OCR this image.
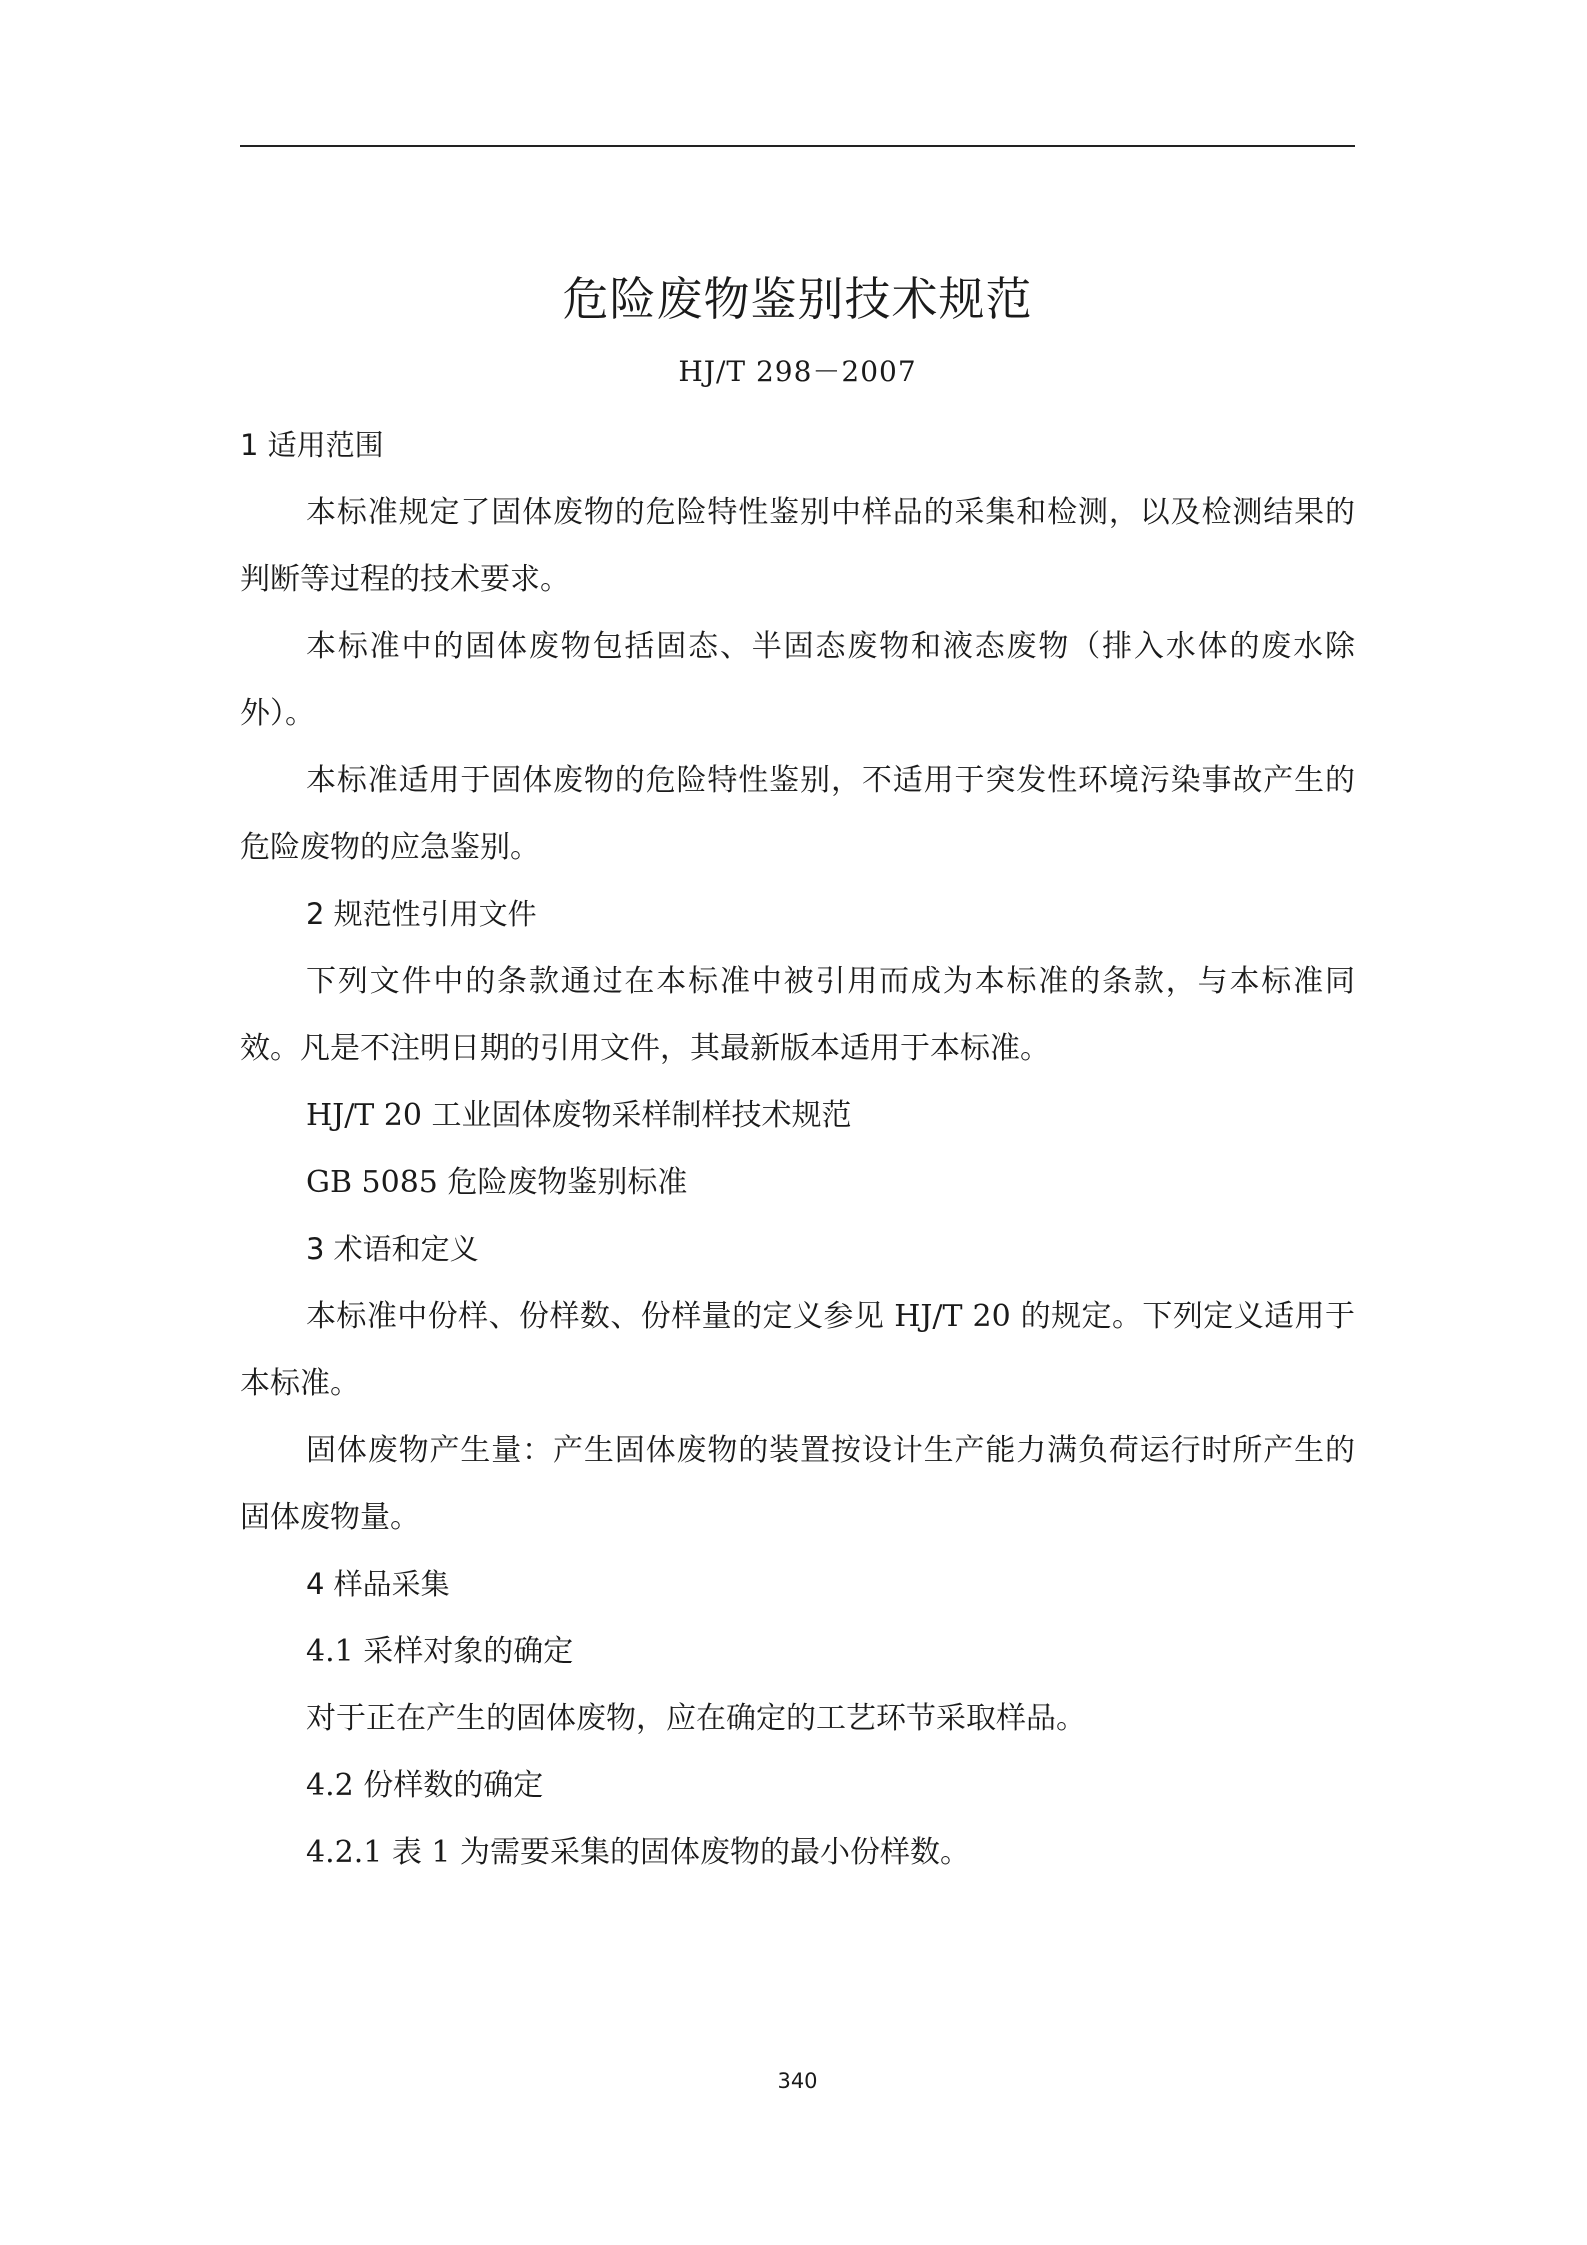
危险废物鉴别技术规范
HJ/T 298－2007

1 适用范围

本标准规定了固体废物的危险特性鉴别中样品的采集和检测，以及检测结果的判断等过程的技术要求。

本标准中的固体废物包括固态、半固态废物和液态废物（排入水体的废水除外）。

本标准适用于固体废物的危险特性鉴别，不适用于突发性环境污染事故产生的危险废物的应急鉴别。

2 规范性引用文件

下列文件中的条款通过在本标准中被引用而成为本标准的条款，与本标准同效。凡是不注明日期的引用文件，其最新版本适用于本标准。

HJ/T 20 工业固体废物采样制样技术规范

GB 5085 危险废物鉴别标准

3 术语和定义

本标准中份样、份样数、份样量的定义参见 HJ/T 20 的规定。下列定义适用于本标准。

固体废物产生量：产生固体废物的装置按设计生产能力满负荷运行时所产生的固体废物量。

4 样品采集

4.1 采样对象的确定

对于正在产生的固体废物，应在确定的工艺环节采取样品。

4.2 份样数的确定

4.2.1 表 1 为需要采集的固体废物的最小份样数。

340
